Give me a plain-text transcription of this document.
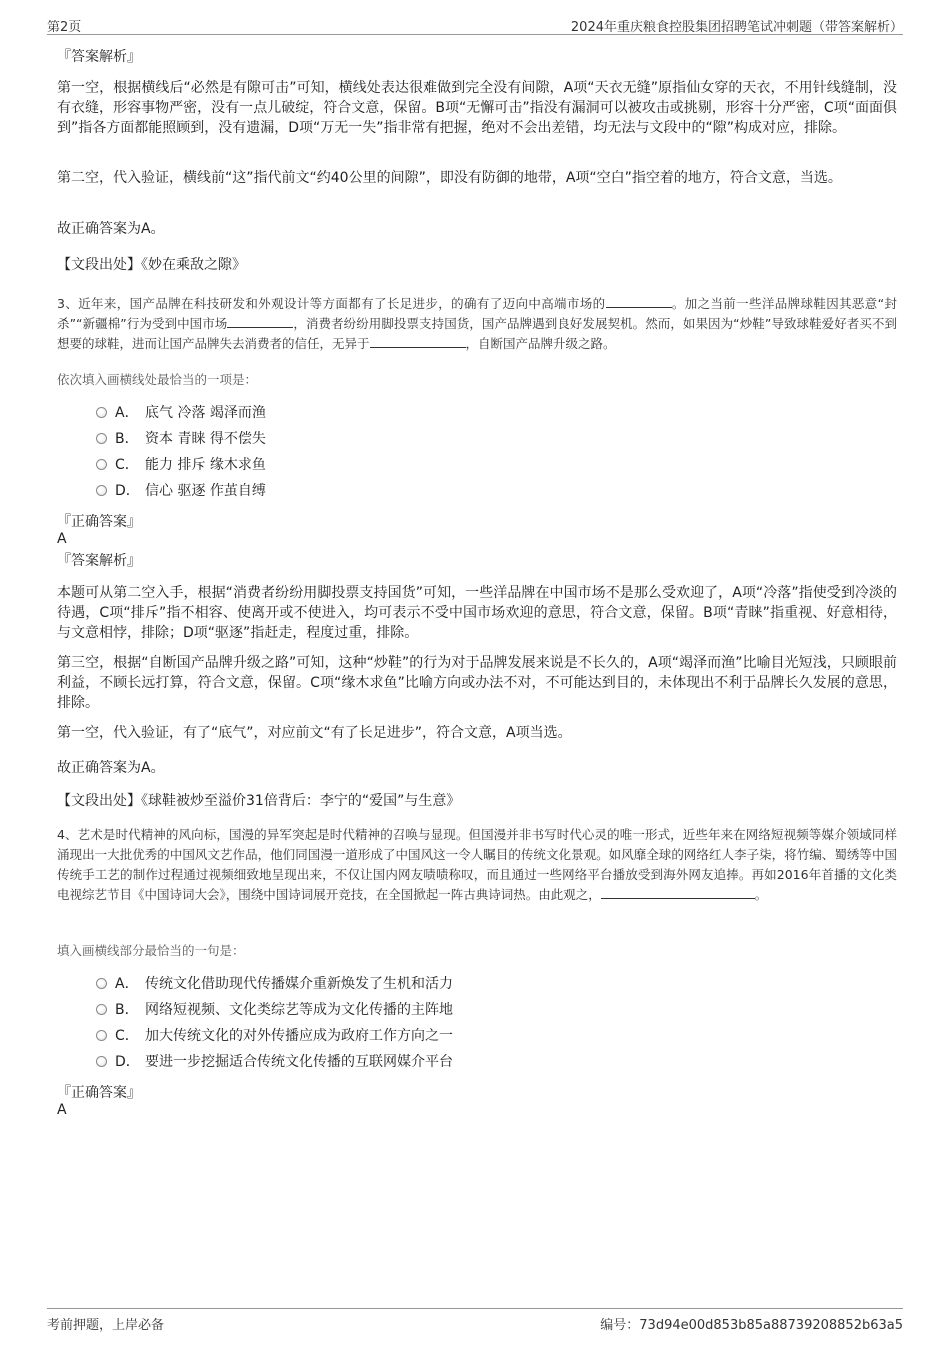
第2页	2024年重庆粮食控股集团招聘笔试冲刺题（带答案解析）
『答案解析』

第一空，根据横线后“必然是有隙可击”可知，横线处表达很难做到完全没有间隙，A项“天衣无缝”原指仙女穿的天衣，不用针线缝制，没有衣缝，形容事物严密，没有一点儿破绽，符合文意，保留。B项“无懈可击”指没有漏洞可以被攻击或挑剔，形容十分严密，C项“面面俱到”指各方面都能照顾到，没有遗漏，D项“万无一失”指非常有把握，绝对不会出差错，均无法与文段中的“隙”构成对应，排除。

第二空，代入验证，横线前“这”指代前文“约40公里的间隙”，即没有防御的地带，A项“空白”指空着的地方，符合文意，当选。

故正确答案为A。

【文段出处】《妙在乘敌之隙》

3、近年来，国产品牌在科技研发和外观设计等方面都有了长足进步，的确有了迈向中高端市场的	。加之当前一些洋品牌球鞋因其恶意“封杀”“新疆棉”行为受到中国市场	，消费者纷纷用脚投票支持国货，国产品牌遇到良好发展契机。然而，如果因为“炒鞋”导致球鞋爱好者买不到想要的球鞋，进而让国产品牌失去消费者的信任，无异于	，自断国产品牌升级之路。

依次填入画横线处最恰当的一项是：
A． 底气 冷落 竭泽而渔
B． 资本 青睐 得不偿失
C． 能力 排斥 缘木求鱼
D． 信心 驱逐 作茧自缚
『正确答案』
A
『答案解析』

本题可从第二空入手，根据“消费者纷纷用脚投票支持国货”可知，一些洋品牌在中国市场不是那么受欢迎了，A项“冷落”指使受到冷淡的待遇，C项“排斥”指不相容、使离开或不使进入，均可表示不受中国市场欢迎的意思，符合文意，保留。B项“青睐”指重视、好意相待，与文意相悖，排除；D项“驱逐”指赶走，程度过重，排除。

第三空，根据“自断国产品牌升级之路”可知，这种“炒鞋”的行为对于品牌发展来说是不长久的，A项“竭泽而渔”比喻目光短浅，只顾眼前利益，不顾长远打算，符合文意，保留。C项“缘木求鱼”比喻方向或办法不对，不可能达到目的，未体现出不利于品牌长久发展的意思，排除。

第一空，代入验证，有了“底气”，对应前文“有了长足进步”，符合文意，A项当选。

故正确答案为A。

【文段出处】《球鞋被炒至溢价31倍背后：李宁的“爱国”与生意》

4、艺术是时代精神的风向标，国漫的异军突起是时代精神的召唤与显现。但国漫并非书写时代心灵的唯一形式，近些年来在网络短视频等媒介领域同样涌现出一大批优秀的中国风文艺作品，他们同国漫一道形成了中国风这一令人瞩目的传统文化景观。如风靡全球的网络红人李子柒，将竹编、蜀绣等中国传统手工艺的制作过程通过视频细致地呈现出来，不仅让国内网友啧啧称叹，而且通过一些网络平台播放受到海外网友追捧。再如2016年首播的文化类电视综艺节目《中国诗词大会》，围绕中国诗词展开竞技，在全国掀起一阵古典诗词热。由此观之，	。

填入画横线部分最恰当的一句是：
A． 传统文化借助现代传播媒介重新焕发了生机和活力
B． 网络短视频、文化类综艺等成为文化传播的主阵地
C． 加大传统文化的对外传播应成为政府工作方向之一
D． 要进一步挖掘适合传统文化传播的互联网媒介平台
『正确答案』
A
考前押题，上岸必备	编号：73d94e00d853b85a88739208852b63a5
